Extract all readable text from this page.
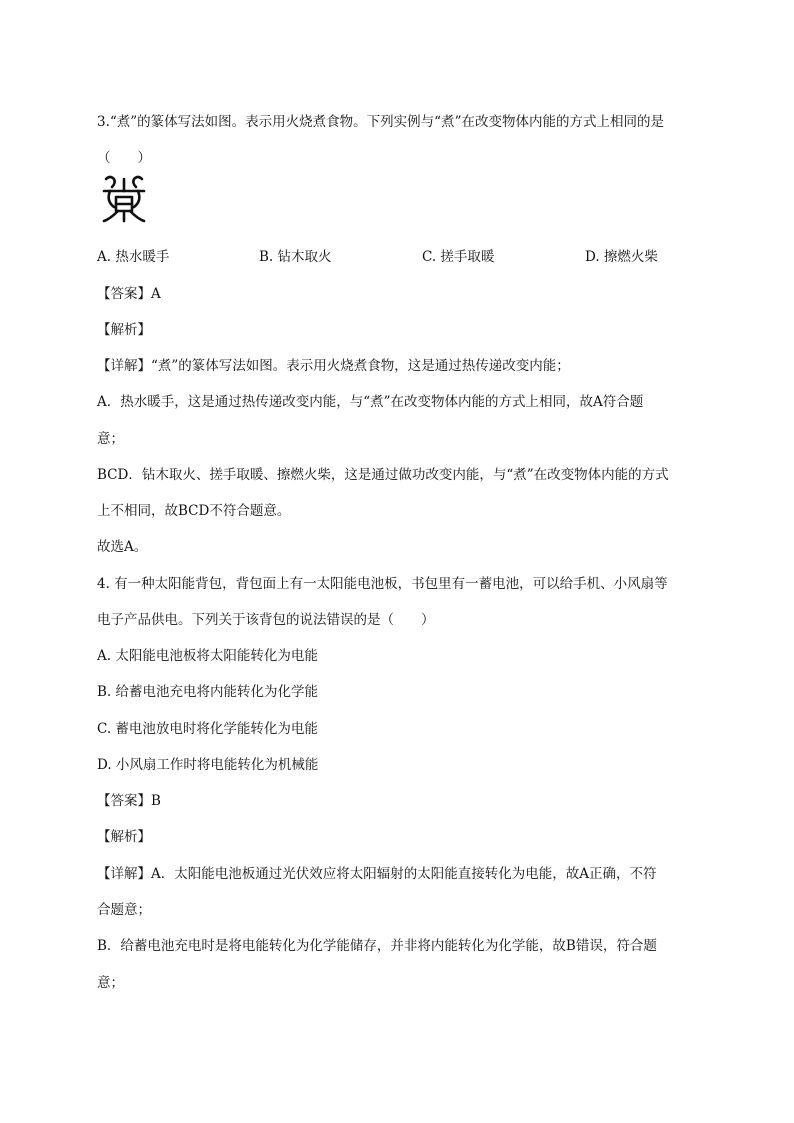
3.“煮”的篆体写法如图。表示用火烧煮食物。下列实例与“煮”在改变物体内能的方式上相同的是
（　　）
A. 热水暖手	B. 钻木取火	C. 搓手取暖	D. 擦燃火柴
【答案】A
【解析】
【详解】“煮”的篆体写法如图。表示用火烧煮食物，这是通过热传递改变内能；
A．热水暖手，这是通过热传递改变内能，与“煮”在改变物体内能的方式上相同，故A符合题
意；
BCD．钻木取火、搓手取暖、擦燃火柴，这是通过做功改变内能，与“煮”在改变物体内能的方式
上不相同，故BCD不符合题意。
故选A。
4. 有一种太阳能背包，背包面上有一太阳能电池板，书包里有一蓄电池，可以给手机、小风扇等
电子产品供电。下列关于该背包的说法错误的是（　　）
A. 太阳能电池板将太阳能转化为电能
B. 给蓄电池充电将内能转化为化学能
C. 蓄电池放电时将化学能转化为电能
D. 小风扇工作时将电能转化为机械能
【答案】B
【解析】
【详解】A．太阳能电池板通过光伏效应将太阳辐射的太阳能直接转化为电能，故A正确，不符
合题意；
B．给蓄电池充电时是将电能转化为化学能储存，并非将内能转化为化学能，故B错误，符合题
意；
